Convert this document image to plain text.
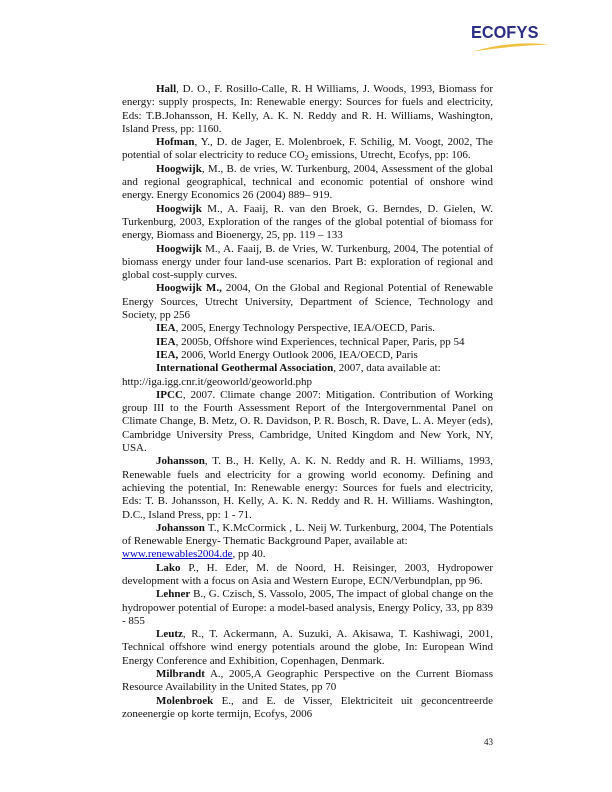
ECOFYS

Hall, D. O., F. Rosillo-Calle, R. H Williams, J. Woods, 1993, Biomass for energy: supply prospects, In: Renewable energy: Sources for fuels and electricity, Eds: T.B.Johansson, H. Kelly, A. K. N. Reddy and R. H. Williams, Washington, Island Press, pp: 1160.

Hofman, Y., D. de Jager, E. Molenbroek, F. Schilig, M. Voogt, 2002, The potential of solar electricity to reduce $CO_2$ emissions, Utrecht, Ecofys, pp: 106.

Hoogwijk, M., B. de vries, W. Turkenburg, 2004, Assessment of the global and regional geographical, technical and economic potential of onshore wind energy. Energy Economics 26 (2004) 889– 919.

Hoogwijk M., A. Faaij, R. van den Broek, G. Berndes, D. Gielen, W. Turkenburg, 2003, Exploration of the ranges of the global potential of biomass for energy, Biomass and Bioenergy, 25, pp. 119 – 133

Hoogwijk M., A. Faaij, B. de Vries, W. Turkenburg, 2004, The potential of biomass energy under four land-use scenarios. Part B: exploration of regional and global cost-supply curves.

Hoogwijk M., 2004, On the Global and Regional Potential of Renewable Energy Sources, Utrecht University, Department of Science, Technology and Society, pp 256

IEA, 2005, Energy Technology Perspective, IEA/OECD, Paris.

IEA, 2005b, Offshore wind Experiences, technical Paper, Paris, pp 54

IEA, 2006, World Energy Outlook 2006, IEA/OECD, Paris

International Geothermal Association, 2007, data available at:
http://iga.igg.cnr.it/geoworld/geoworld.php

IPCC, 2007. Climate change 2007: Mitigation. Contribution of Working group III to the Fourth Assessment Report of the Intergovernmental Panel on Climate Change, B. Metz, O. R. Davidson, P. R. Bosch, R. Dave, L. A. Meyer (eds), Cambridge University Press, Cambridge, United Kingdom and New York, NY, USA.

Johansson, T. B., H. Kelly, A. K. N. Reddy and R. H. Williams, 1993, Renewable fuels and electricity for a growing world economy. Defining and achieving the potential, In: Renewable energy: Sources for fuels and electricity, Eds: T. B. Johansson, H. Kelly, A. K. N. Reddy and R. H. Williams. Washington, D.C., Island Press, pp: 1 - 71.

Johansson T., K.McCormick , L. Neij W. Turkenburg, 2004, The Potentials of Renewable Energy- Thematic Background Paper, available at:
www.renewables2004.de, pp 40.

Lako P., H. Eder, M. de Noord, H. Reisinger, 2003, Hydropower development with a focus on Asia and Western Europe, ECN/Verbundplan, pp 96.

Lehner B., G. Czisch, S. Vassolo, 2005, The impact of global change on the hydropower potential of Europe: a model-based analysis, Energy Policy, 33, pp 839 - 855

Leutz, R., T. Ackermann, A. Suzuki, A. Akisawa, T. Kashiwagi, 2001, Technical offshore wind energy potentials around the globe, In: European Wind Energy Conference and Exhibition, Copenhagen, Denmark.

Milbrandt A., 2005,A Geographic Perspective on the Current Biomass Resource Availability in the United States, pp 70

Molenbroek E., and E. de Visser, Elektriciteit uit geconcentreerde zoneenergie op korte termijn, Ecofys, 2006

43
